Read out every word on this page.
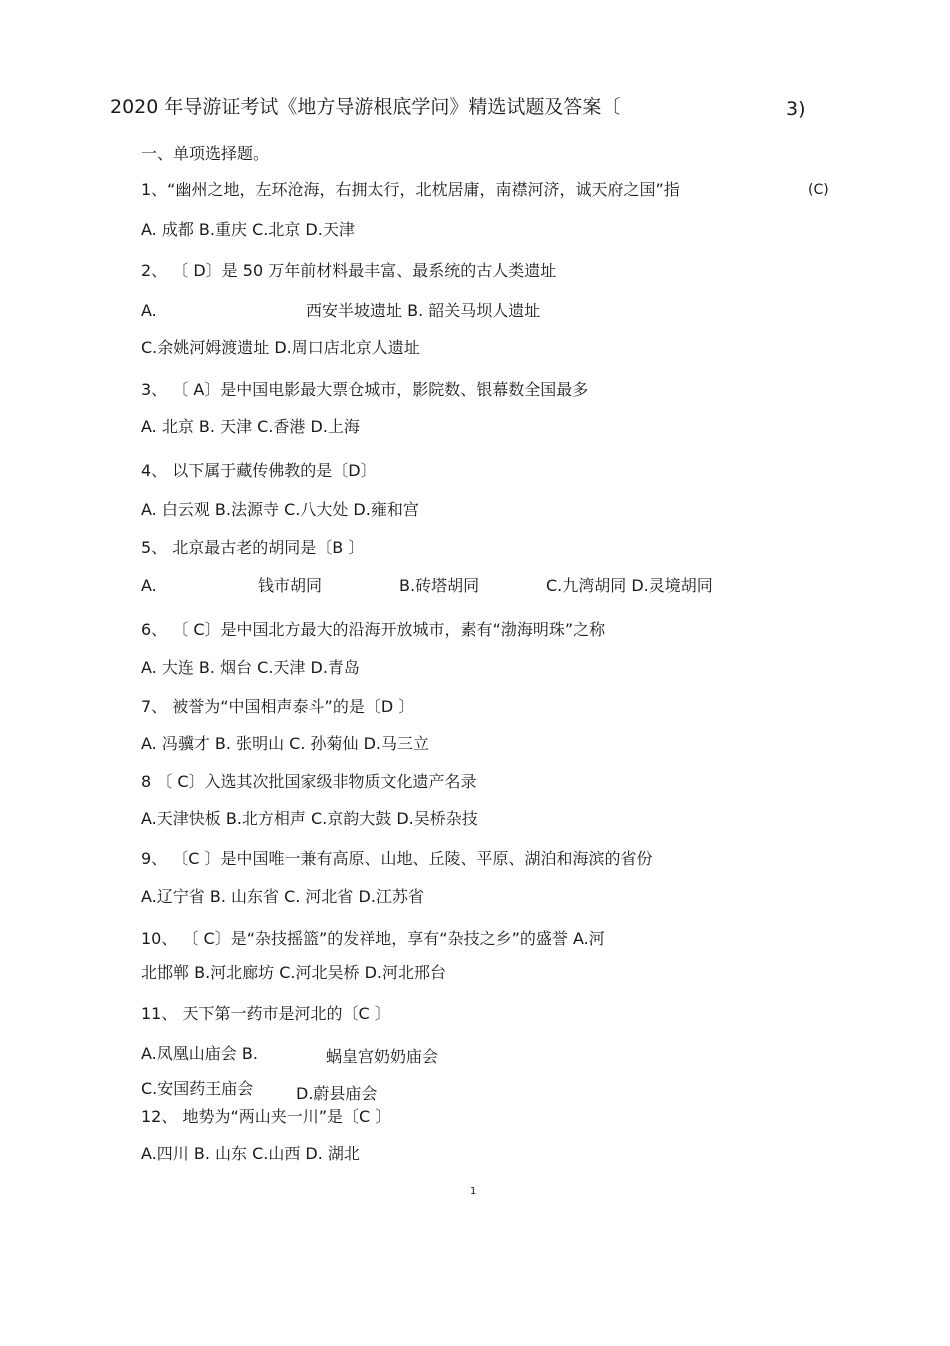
2020 年导游证考试《地方导游根底学问》精选试题及答案〔	3)
一、单项选择题。
1、“幽州之地，左环沧海，右拥太行，北枕居庸，南襟河济，诚天府之国”指	(C)
A. 成都 B.重庆 C.北京 D.天津
2、 〔 D〕是 50 万年前材料最丰富、最系统的古人类遗址
A.	西安半坡遗址 B. 韶关马坝人遗址
C.余姚河姆渡遗址 D.周口店北京人遗址
3、 〔 A〕是中国电影最大票仓城市，影院数、银幕数全国最多
A. 北京 B. 天津 C.香港 D.上海
4、 以下属于藏传佛教的是〔D〕
A. 白云观 B.法源寺 C.八大处 D.雍和宫
5、 北京最古老的胡同是〔B 〕
A.	钱市胡同	B.砖塔胡同	C.九湾胡同 D.灵境胡同
6、 〔 C〕是中国北方最大的沿海开放城市，素有“渤海明珠”之称
A. 大连 B. 烟台 C.天津 D.青岛
7、 被誉为“中国相声泰斗”的是〔D 〕
A. 冯骥才 B. 张明山 C. 孙菊仙 D.马三立
8 〔 C〕入选其次批国家级非物质文化遗产名录
A.天津快板 B.北方相声 C.京韵大鼓 D.吴桥杂技
9、 〔C 〕是中国唯一兼有高原、山地、丘陵、平原、湖泊和海滨的省份
A.辽宁省 B. 山东省 C. 河北省 D.江苏省
10、 〔 C〕是“杂技摇篮”的发祥地，享有“杂技之乡”的盛誉 A.河
北邯郸 B.河北廊坊 C.河北吴桥 D.河北邢台
11、 天下第一药市是河北的〔C 〕
A.凤凰山庙会 B.	蜗皇宫奶奶庙会
C.安国药王庙会	D.蔚县庙会
12、 地势为“两山夹一川”是〔C 〕
A.四川 B. 山东 C.山西 D. 湖北
1
